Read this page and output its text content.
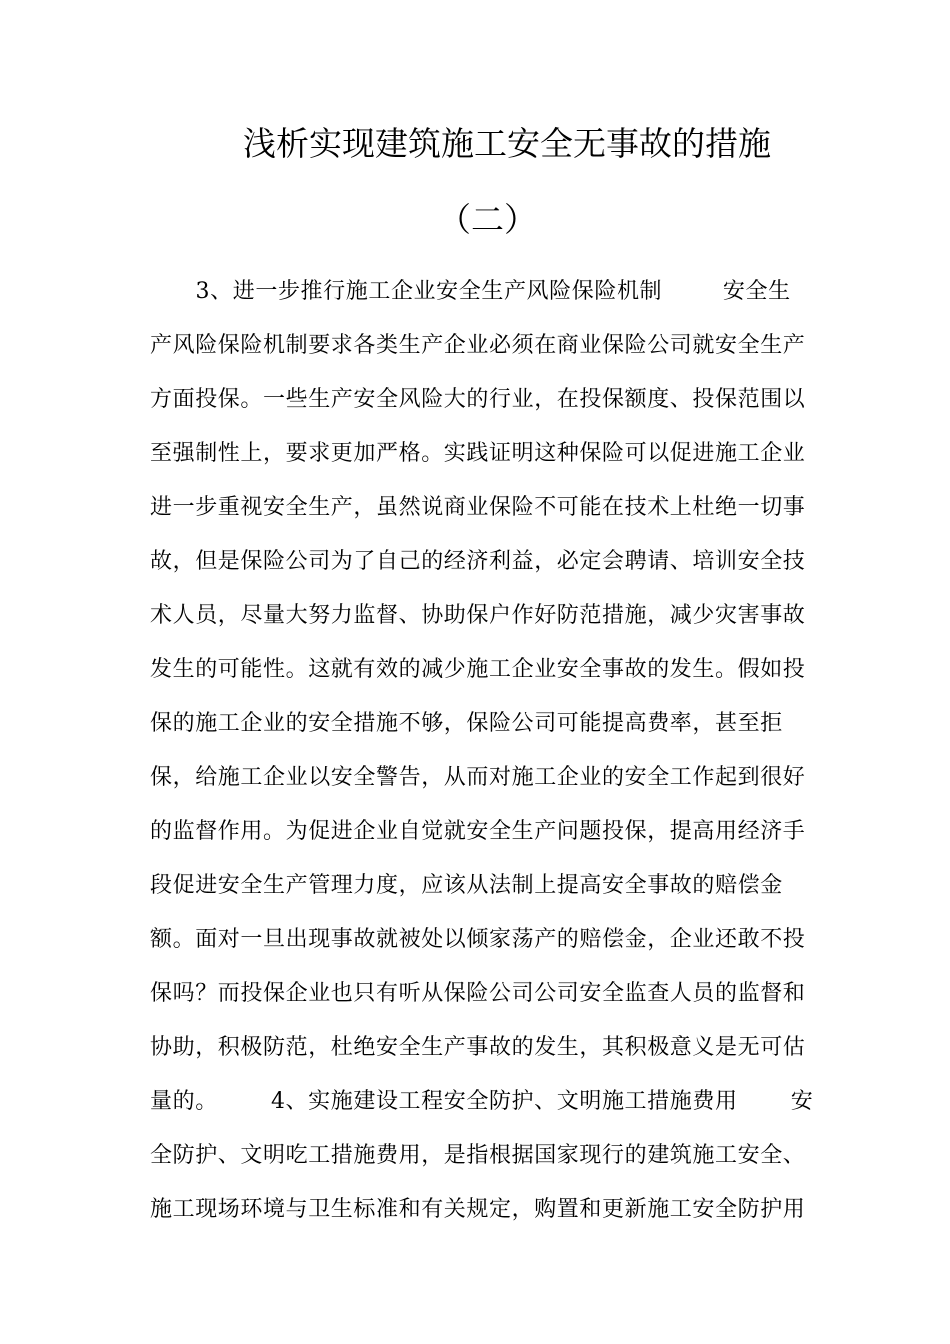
浅析实现建筑施工安全无事故的措施
（二）
3、进一步推行施工企业安全生产风险保险机制        安全生
产风险保险机制要求各类生产企业必须在商业保险公司就安全生产
方面投保。一些生产安全风险大的行业，在投保额度、投保范围以
至强制性上，要求更加严格。实践证明这种保险可以促进施工企业
进一步重视安全生产，虽然说商业保险不可能在技术上杜绝一切事
故，但是保险公司为了自己的经济利益，必定会聘请、培训安全技
术人员，尽量大努力监督、协助保户作好防范措施，减少灾害事故
发生的可能性。这就有效的减少施工企业安全事故的发生。假如投
保的施工企业的安全措施不够，保险公司可能提高费率，甚至拒
保，给施工企业以安全警告，从而对施工企业的安全工作起到很好
的监督作用。为促进企业自觉就安全生产问题投保，提高用经济手
段促进安全生产管理力度，应该从法制上提高安全事故的赔偿金
额。面对一旦出现事故就被处以倾家荡产的赔偿金，企业还敢不投
保吗？而投保企业也只有听从保险公司公司安全监查人员的监督和
协助，积极防范，杜绝安全生产事故的发生，其积极意义是无可估
量的。       4、实施建设工程安全防护、文明施工措施费用       安
全防护、文明吃工措施费用，是指根据国家现行的建筑施工安全、
施工现场环境与卫生标准和有关规定，购置和更新施工安全防护用
